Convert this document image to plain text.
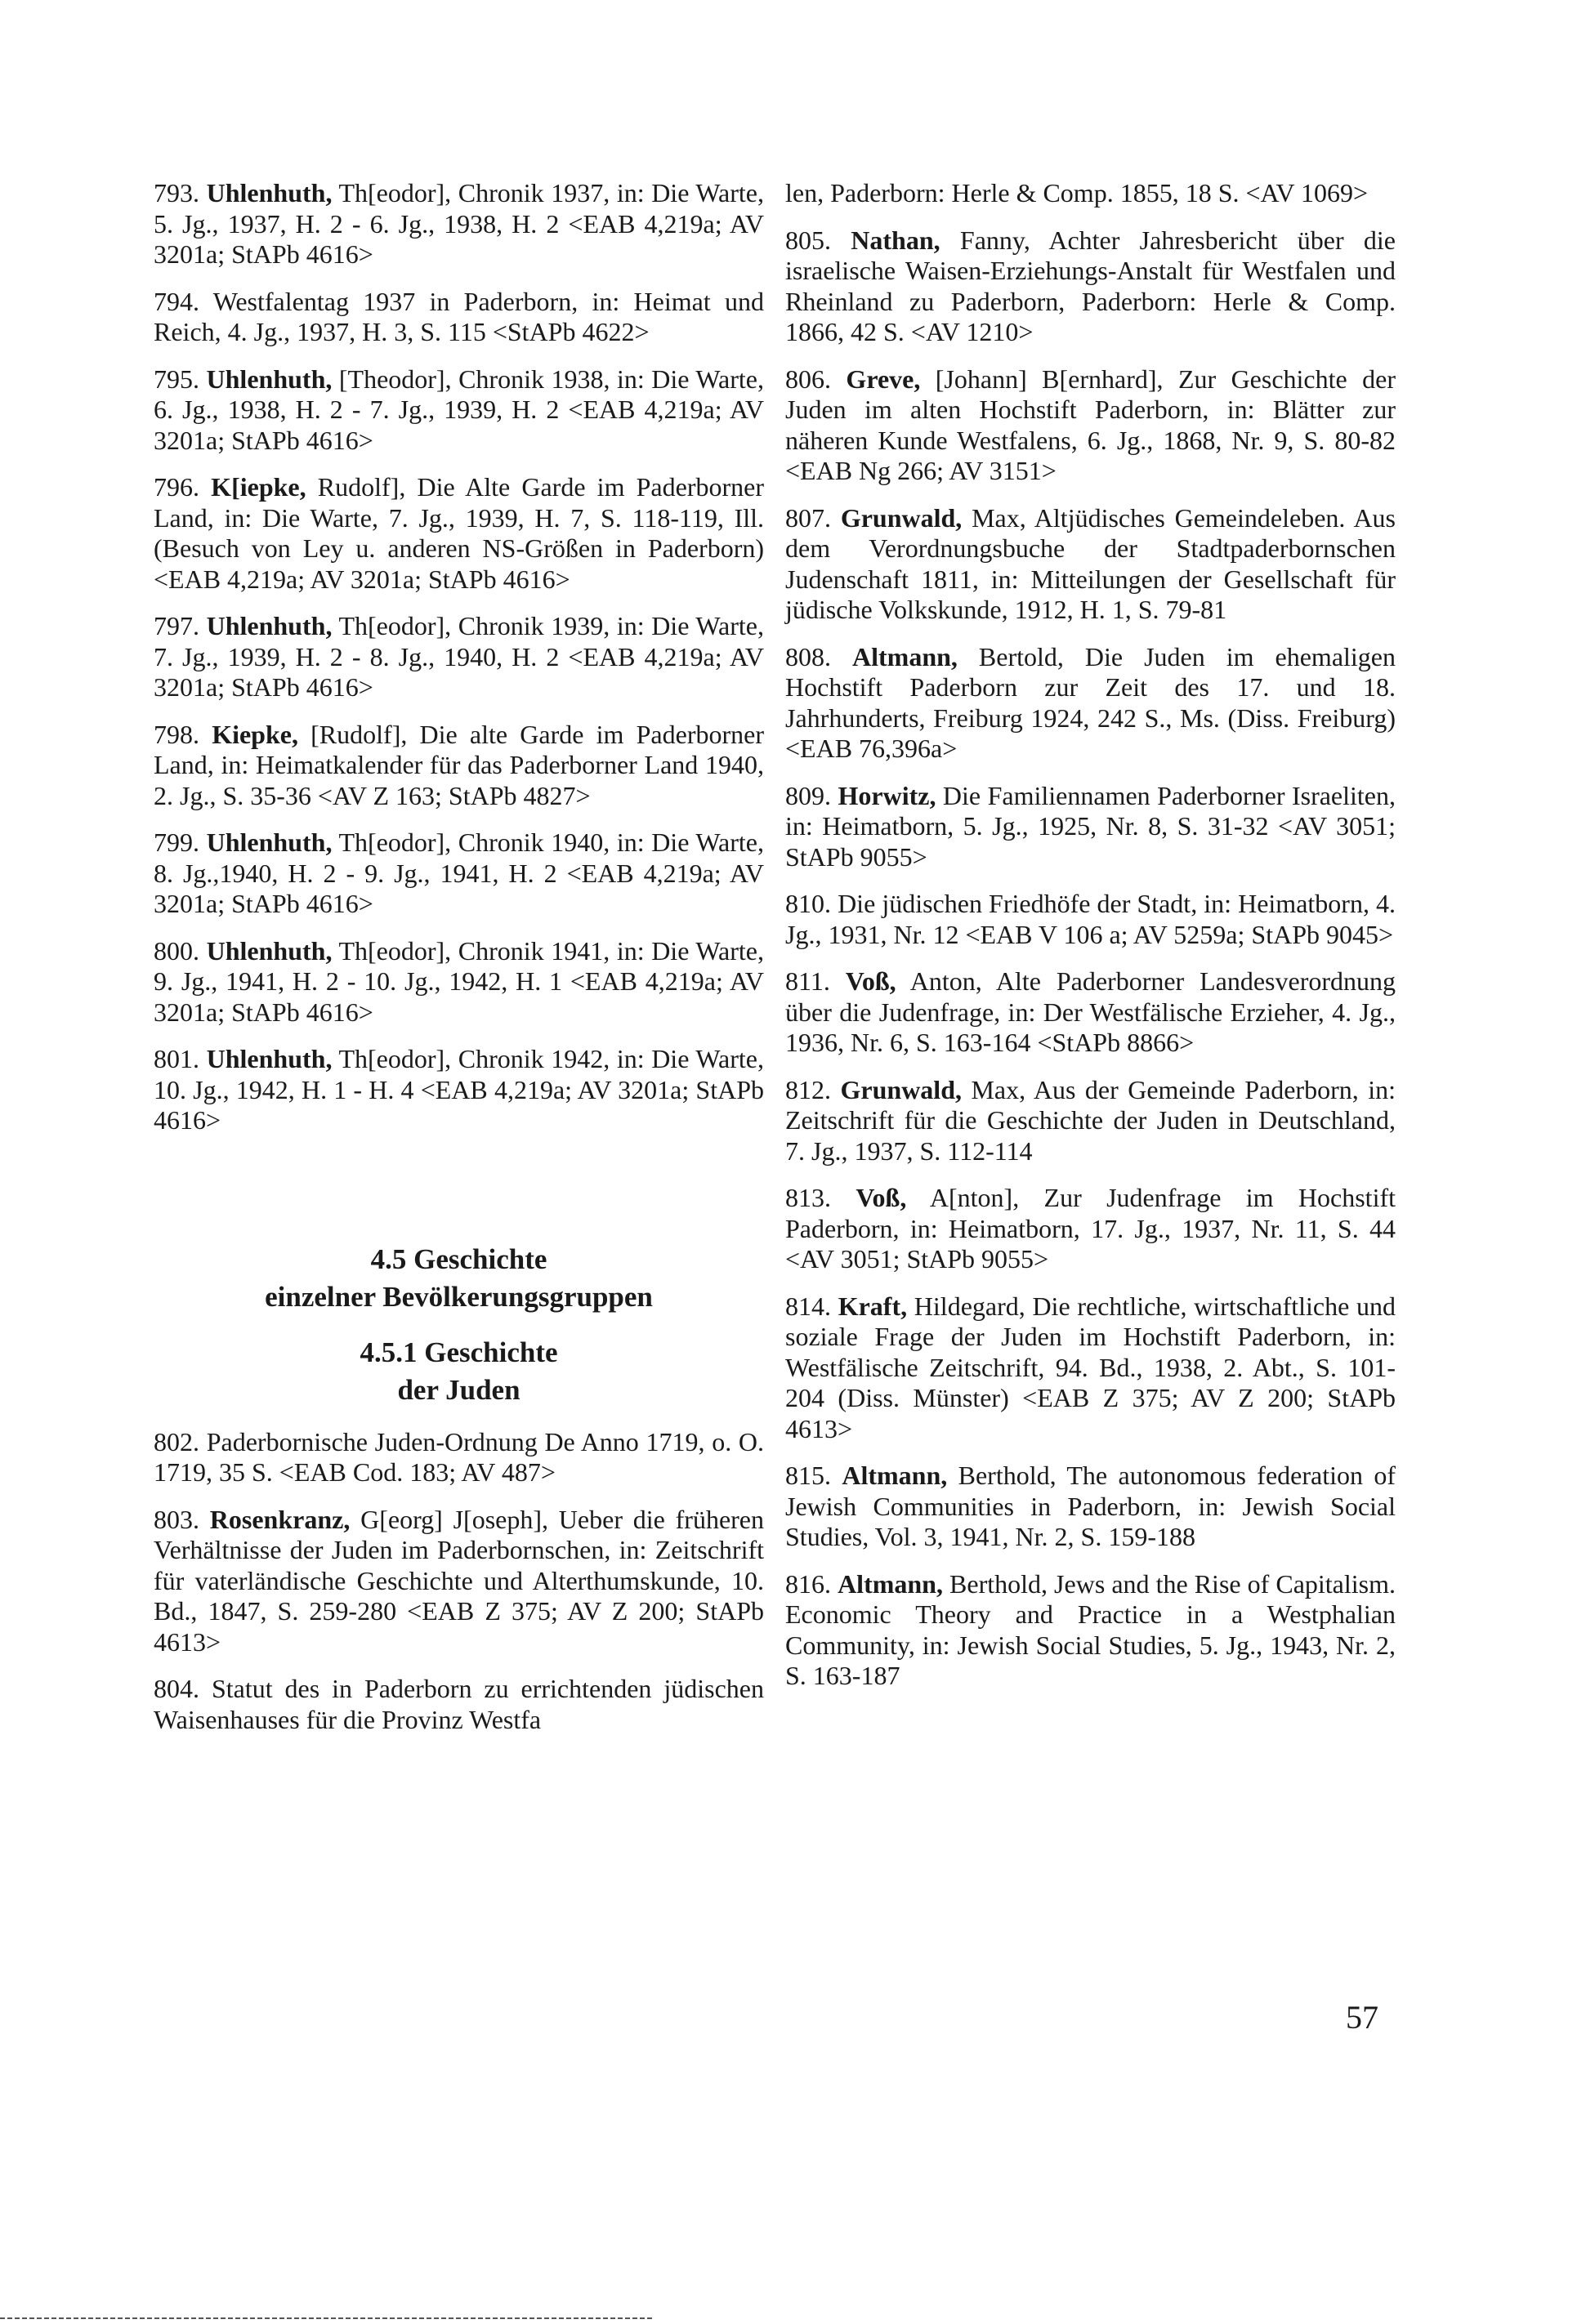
793. Uhlenhuth, Th[eodor], Chronik 1937, in: Die Warte, 5. Jg., 1937, H. 2 - 6. Jg., 1938, H. 2 <EAB 4,219a; AV 3201a; StAPb 4616>

794. Westfalentag 1937 in Paderborn, in: Heimat und Reich, 4. Jg., 1937, H. 3, S. 115 <StAPb 4622>

795. Uhlenhuth, [Theodor], Chronik 1938, in: Die Warte, 6. Jg., 1938, H. 2 - 7. Jg., 1939, H. 2 <EAB 4,219a; AV 3201a; StAPb 4616>

796. K[iepke, Rudolf], Die Alte Garde im Paderborner Land, in: Die Warte, 7. Jg., 1939, H. 7, S. 118-119, Ill. (Besuch von Ley u. anderen NS-Größen in Paderborn) <EAB 4,219a; AV 3201a; StAPb 4616>

797. Uhlenhuth, Th[eodor], Chronik 1939, in: Die Warte, 7. Jg., 1939, H. 2 - 8. Jg., 1940, H. 2 <EAB 4,219a; AV 3201a; StAPb 4616>

798. Kiepke, [Rudolf], Die alte Garde im Paderborner Land, in: Heimatkalender für das Paderborner Land 1940, 2. Jg., S. 35-36 <AV Z 163; StAPb 4827>

799. Uhlenhuth, Th[eodor], Chronik 1940, in: Die Warte, 8. Jg.,1940, H. 2 - 9. Jg., 1941, H. 2 <EAB 4,219a; AV 3201a; StAPb 4616>

800. Uhlenhuth, Th[eodor], Chronik 1941, in: Die Warte, 9. Jg., 1941, H. 2 - 10. Jg., 1942, H. 1 <EAB 4,219a; AV 3201a; StAPb 4616>

801. Uhlenhuth, Th[eodor], Chronik 1942, in: Die Warte, 10. Jg., 1942, H. 1 - H. 4 <EAB 4,219a; AV 3201a; StAPb 4616>

4.5 Geschichte
einzelner Bevölkerungsgruppen
4.5.1 Geschichte
der Juden

802. Paderbornische Juden-Ordnung De Anno 1719, o. O. 1719, 35 S. <EAB Cod. 183; AV 487>

803. Rosenkranz, G[eorg] J[oseph], Ueber die früheren Verhältnisse der Juden im Paderbornschen, in: Zeitschrift für vaterländische Geschichte und Alterthumskunde, 10. Bd., 1847, S. 259-280 <EAB Z 375; AV Z 200; StAPb 4613>

804. Statut des in Paderborn zu errichtenden jüdischen Waisenhauses für die Provinz Westfa

len, Paderborn: Herle & Comp. 1855, 18 S. <AV 1069>

805. Nathan, Fanny, Achter Jahresbericht über die israelische Waisen-Erziehungs-Anstalt für Westfalen und Rheinland zu Paderborn, Paderborn: Herle & Comp. 1866, 42 S. <AV 1210>

806. Greve, [Johann] B[ernhard], Zur Geschichte der Juden im alten Hochstift Paderborn, in: Blätter zur näheren Kunde Westfalens, 6. Jg., 1868, Nr. 9, S. 80-82 <EAB Ng 266; AV 3151>

807. Grunwald, Max, Altjüdisches Gemeindeleben. Aus dem Verordnungsbuche der Stadtpaderbornschen Judenschaft 1811, in: Mitteilungen der Gesellschaft für jüdische Volkskunde, 1912, H. 1, S. 79-81

808. Altmann, Bertold, Die Juden im ehemaligen Hochstift Paderborn zur Zeit des 17. und 18. Jahrhunderts, Freiburg 1924, 242 S., Ms. (Diss. Freiburg) <EAB 76,396a>

809. Horwitz, Die Familiennamen Paderborner Israeliten, in: Heimatborn, 5. Jg., 1925, Nr. 8, S. 31-32 <AV 3051; StAPb 9055>

810. Die jüdischen Friedhöfe der Stadt, in: Heimatborn, 4. Jg., 1931, Nr. 12 <EAB V 106 a; AV 5259a; StAPb 9045>

811. Voß, Anton, Alte Paderborner Landesverordnung über die Judenfrage, in: Der Westfälische Erzieher, 4. Jg., 1936, Nr. 6, S. 163-164 <StAPb 8866>

812. Grunwald, Max, Aus der Gemeinde Paderborn, in: Zeitschrift für die Geschichte der Juden in Deutschland, 7. Jg., 1937, S. 112-114

813. Voß, A[nton], Zur Judenfrage im Hochstift Paderborn, in: Heimatborn, 17. Jg., 1937, Nr. 11, S. 44 <AV 3051; StAPb 9055>

814. Kraft, Hildegard, Die rechtliche, wirtschaftliche und soziale Frage der Juden im Hochstift Paderborn, in: Westfälische Zeitschrift, 94. Bd., 1938, 2. Abt., S. 101-204 (Diss. Münster) <EAB Z 375; AV Z 200; StAPb 4613>

815. Altmann, Berthold, The autonomous federation of Jewish Communities in Paderborn, in: Jewish Social Studies, Vol. 3, 1941, Nr. 2, S. 159-188

816. Altmann, Berthold, Jews and the Rise of Capitalism. Economic Theory and Practice in a Westphalian Community, in: Jewish Social Studies, 5. Jg., 1943, Nr. 2, S. 163-187

57
